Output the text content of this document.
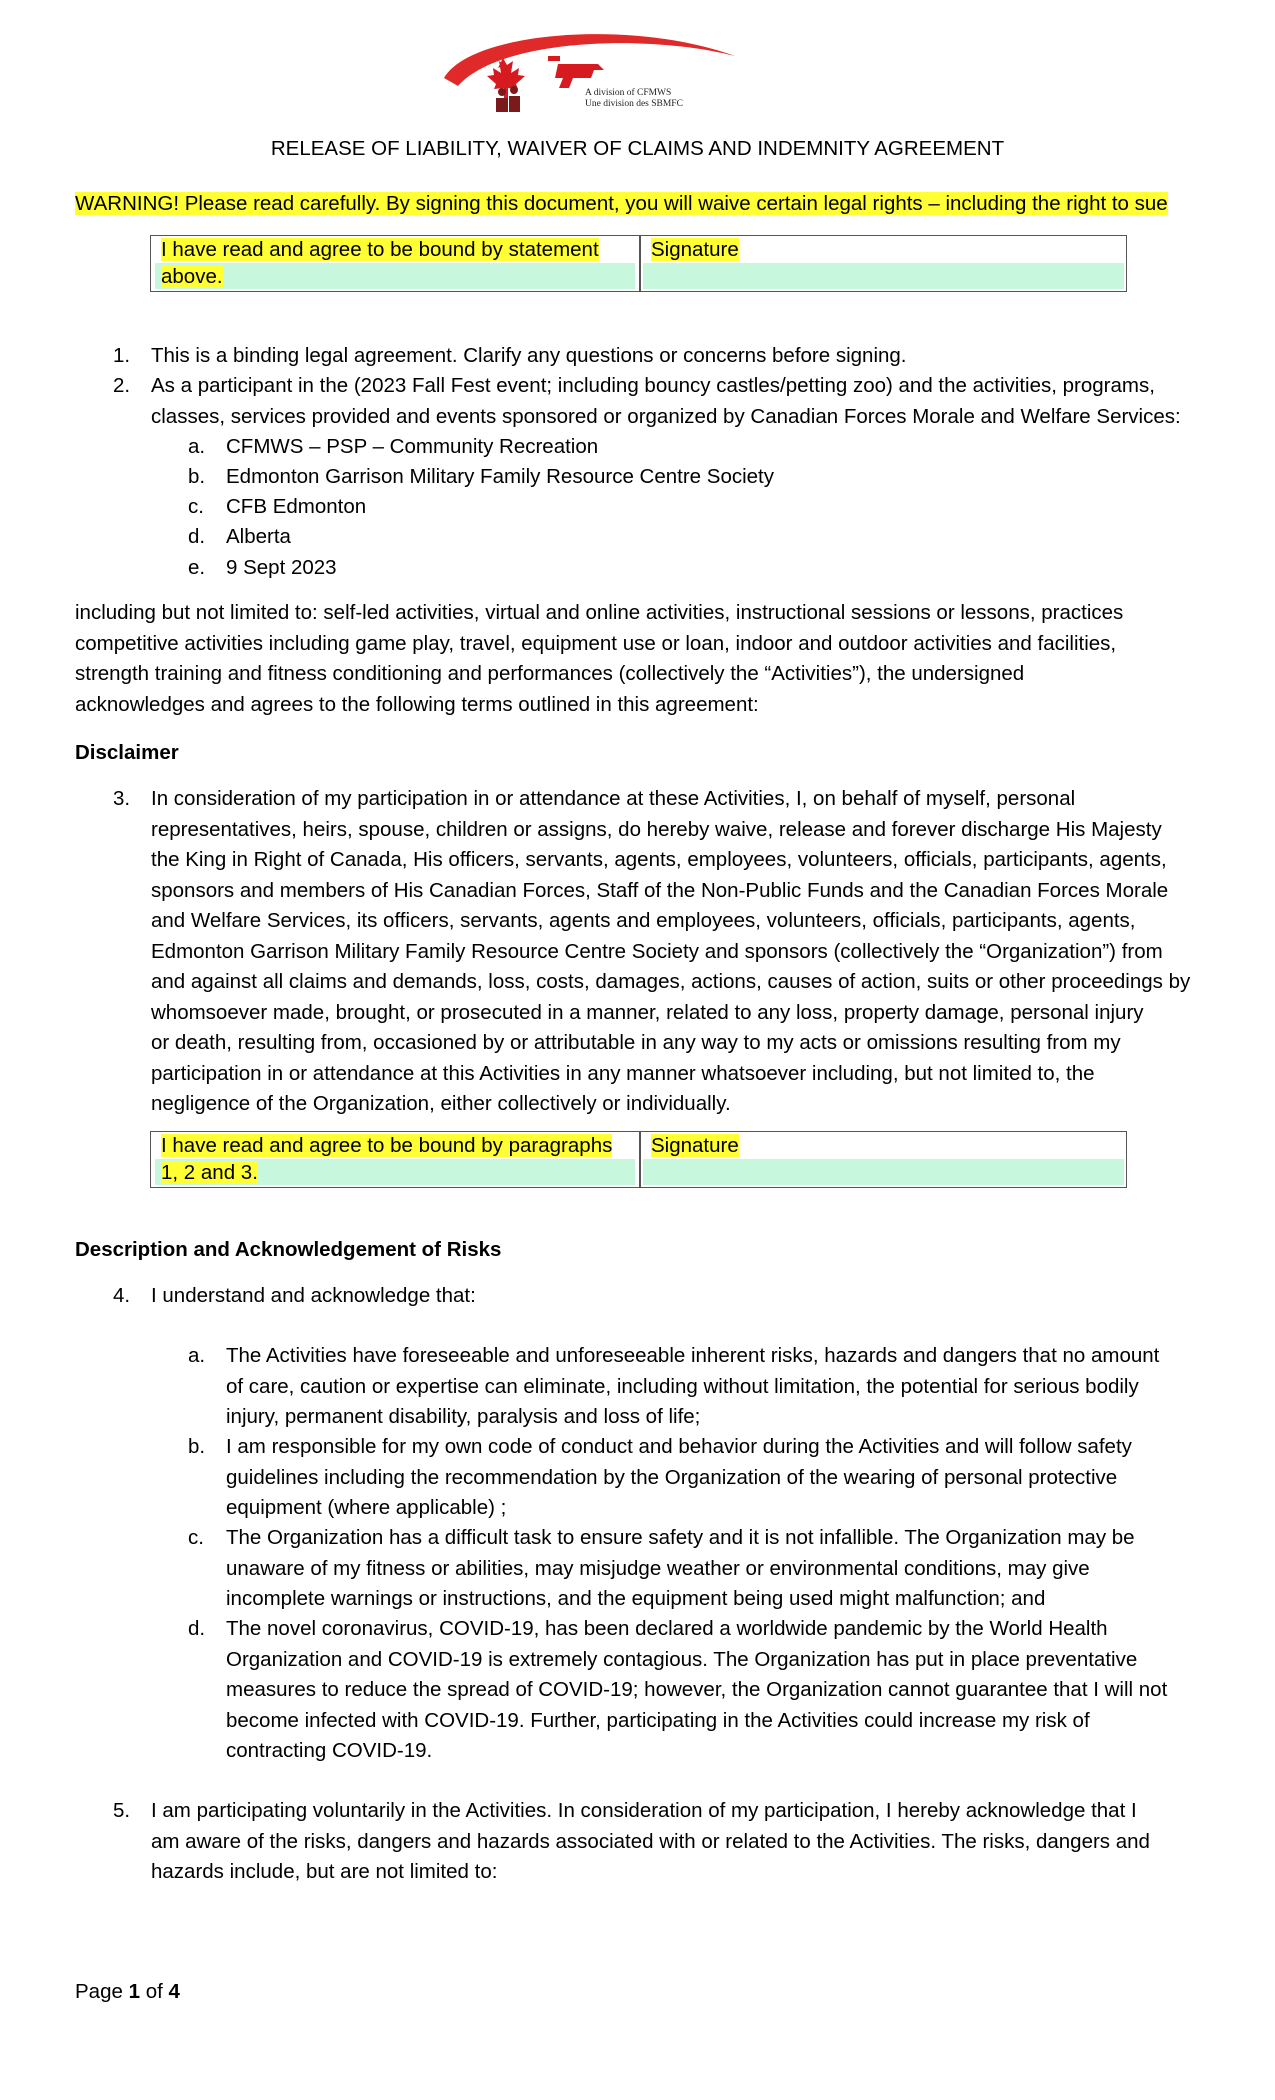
A division of CFMWS
Une division des SBMFC
RELEASE OF LIABILITY, WAIVER OF CLAIMS AND INDEMNITY AGREEMENT
WARNING! Please read carefully. By signing this document, you will waive certain legal rights – including the right to sue
I have read and agree to be bound by statement
above.
Signature
1. This is a binding legal agreement. Clarify any questions or concerns before signing.
2. As a participant in the (2023 Fall Fest event; including bouncy castles/petting zoo) and the activities, programs,
classes, services provided and events sponsored or organized by Canadian Forces Morale and Welfare Services:
a. CFMWS – PSP – Community Recreation
b. Edmonton Garrison Military Family Resource Centre Society
c. CFB Edmonton
d. Alberta
e. 9 Sept 2023
including but not limited to: self-led activities, virtual and online activities, instructional sessions or lessons, practices
competitive activities including game play, travel, equipment use or loan, indoor and outdoor activities and facilities,
strength training and fitness conditioning and performances (collectively the “Activities”), the undersigned
acknowledges and agrees to the following terms outlined in this agreement:
Disclaimer
3. In consideration of my participation in or attendance at these Activities, I, on behalf of myself, personal
representatives, heirs, spouse, children or assigns, do hereby waive, release and forever discharge His Majesty
the King in Right of Canada, His officers, servants, agents, employees, volunteers, officials, participants, agents,
sponsors and members of His Canadian Forces, Staff of the Non-Public Funds and the Canadian Forces Morale
and Welfare Services, its officers, servants, agents and employees, volunteers, officials, participants, agents,
Edmonton Garrison Military Family Resource Centre Society and sponsors (collectively the “Organization”) from
and against all claims and demands, loss, costs, damages, actions, causes of action, suits or other proceedings by
whomsoever made, brought, or prosecuted in a manner, related to any loss, property damage, personal injury
or death, resulting from, occasioned by or attributable in any way to my acts or omissions resulting from my
participation in or attendance at this Activities in any manner whatsoever including, but not limited to, the
negligence of the Organization, either collectively or individually.
I have read and agree to be bound by paragraphs
1, 2 and 3.
Signature
Description and Acknowledgement of Risks
4. I understand and acknowledge that:
a. The Activities have foreseeable and unforeseeable inherent risks, hazards and dangers that no amount
of care, caution or expertise can eliminate, including without limitation, the potential for serious bodily
injury, permanent disability, paralysis and loss of life;
b. I am responsible for my own code of conduct and behavior during the Activities and will follow safety
guidelines including the recommendation by the Organization of the wearing of personal protective
equipment (where applicable) ;
c. The Organization has a difficult task to ensure safety and it is not infallible. The Organization may be
unaware of my fitness or abilities, may misjudge weather or environmental conditions, may give
incomplete warnings or instructions, and the equipment being used might malfunction; and
d. The novel coronavirus, COVID-19, has been declared a worldwide pandemic by the World Health
Organization and COVID-19 is extremely contagious. The Organization has put in place preventative
measures to reduce the spread of COVID-19; however, the Organization cannot guarantee that I will not
become infected with COVID-19. Further, participating in the Activities could increase my risk of
contracting COVID-19.
5. I am participating voluntarily in the Activities. In consideration of my participation, I hereby acknowledge that I
am aware of the risks, dangers and hazards associated with or related to the Activities. The risks, dangers and
hazards include, but are not limited to:
Page 1 of 4
